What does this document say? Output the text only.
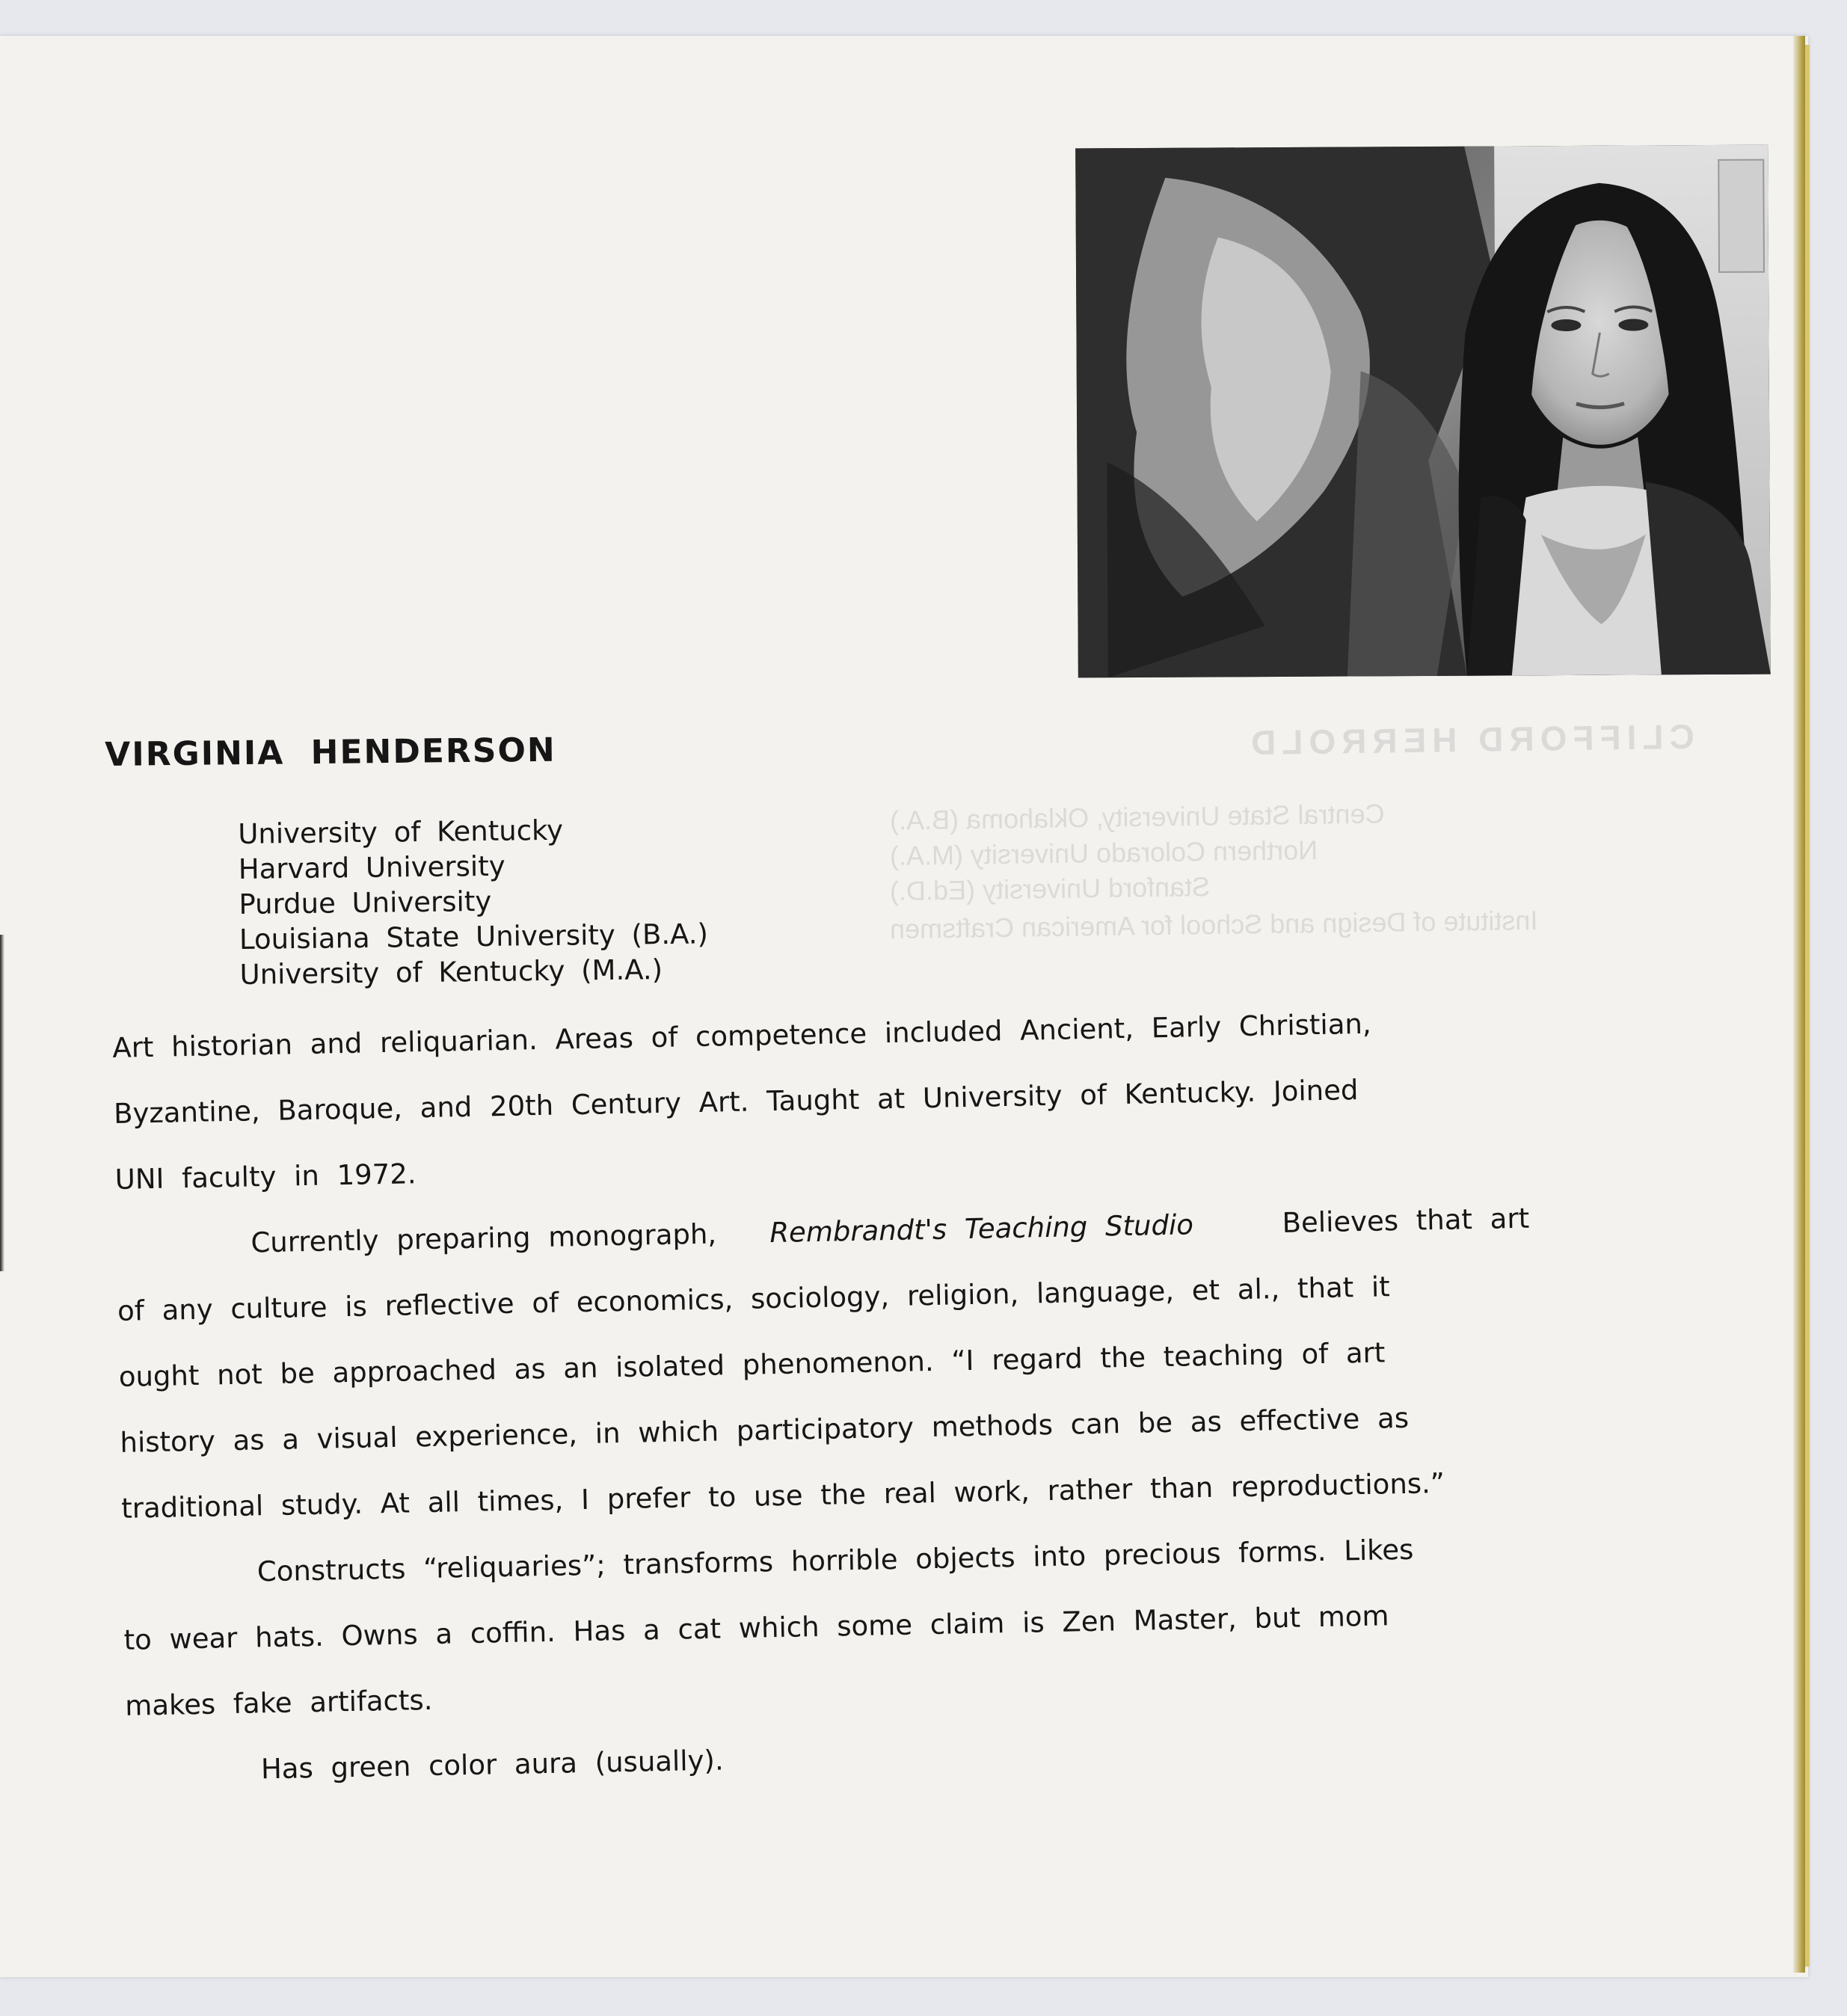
CLIFFORD HERROLD
Central State University, Oklahoma (B.A.)
Northern Colorado University (M.A.)
Stanford University (Ed.D.)
Institute of Design and School for American Craftsmen
VIRGINIA HENDERSON
University of Kentucky
Harvard University
Purdue University
Louisiana State University (B.A.)
University of Kentucky (M.A.)
Art historian and reliquarian. Areas of competence included Ancient, Early Christian,
Byzantine, Baroque, and 20th Century Art. Taught at University of Kentucky. Joined
UNI faculty in 1972.
Currently preparing monograph, Rembrandt's Teaching Studio	Believes that art
of any culture is reflective of economics, sociology, religion, language, et al., that it
ought not be approached as an isolated phenomenon. “I regard the teaching of art
history as a visual experience, in which participatory methods can be as effective as
traditional study. At all times, I prefer to use the real work, rather than reproductions.”
Constructs “reliquaries”; transforms horrible objects into precious forms. Likes
to wear hats. Owns a coffin. Has a cat which some claim is Zen Master, but mom
makes fake artifacts.
Has green color aura (usually).
